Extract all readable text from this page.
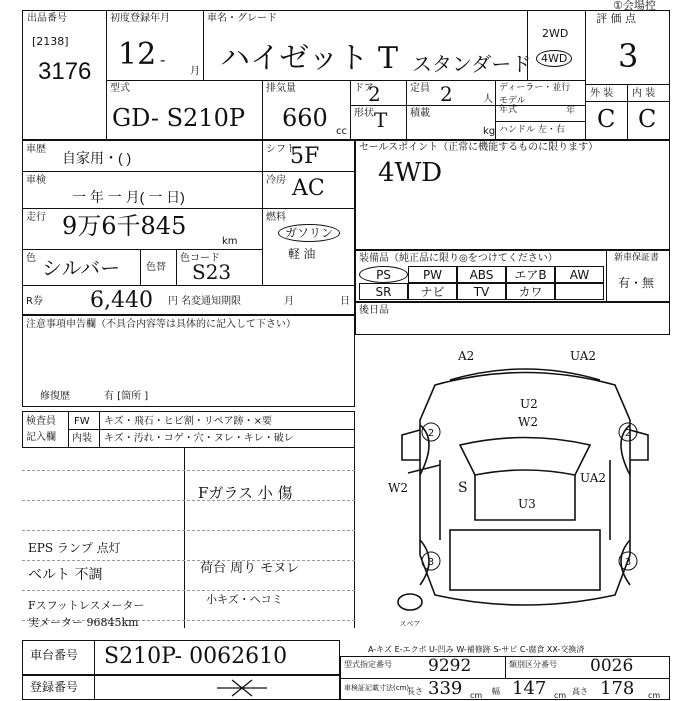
①会場控
出品番号
[2138]
3176
初度登録年月
12 -
月
車名・グレード
ハイゼット T スタンダード
2WD
4WD
評 価 点
3
外 装 内 装
C C
型式
GD- S210P
排気量
660 cc
ドア
2
形状 T
定員 2	人
積載
kg
ディーラー・並行
モデル
年式	年
ハンドル 左・右
車歴
自家用・( )
シフト
5F
車検
一 年 一 月( 一 日)
冷房 AC
走行 9万6千845
km
燃料
ガソリン
軽 油
色 シルバー	色替
色コード
S23
R券 6,440 円 名変通知期限	月	日
セールスポイント（正常に機能するものに限ります）
4WD
装備品（純正品に限り◎をつけてください）	新車保証書
有・無
PS	PW	ABS	エアB	AW
SR	ナビ	TV	カワ
後日品
注意事項申告欄（不具合内容等は具体的に記入して下さい）
修復歴	有 [箇所 ]
検査員
記入欄
FW キズ・飛石・ヒビ割・リペア跡・×要
内装 キズ・汚れ・コゲ・穴・ヌレ・キレ・破レ
Fガラス 小 傷
EPS ランプ 点灯
ベルト 不調	荷台 周り モヌレ
小キズ・ヘコミ
Fスフットレスメーター
実メーター 96845km
A2	UA2
U2
W2
W2	S
U3
UA2
2	2
3	3
スペア
車台番号 S210P- 0062610
登録番号
A-キズ E-エクボ U-凹み W-補修跡 S-サビ C-腐食 XX-交換済
型式指定番号 9292	類別区分番号 0026
車検証記載寸法(cm)
長さ 339 cm 幅 147 cm 高さ 178 cm
